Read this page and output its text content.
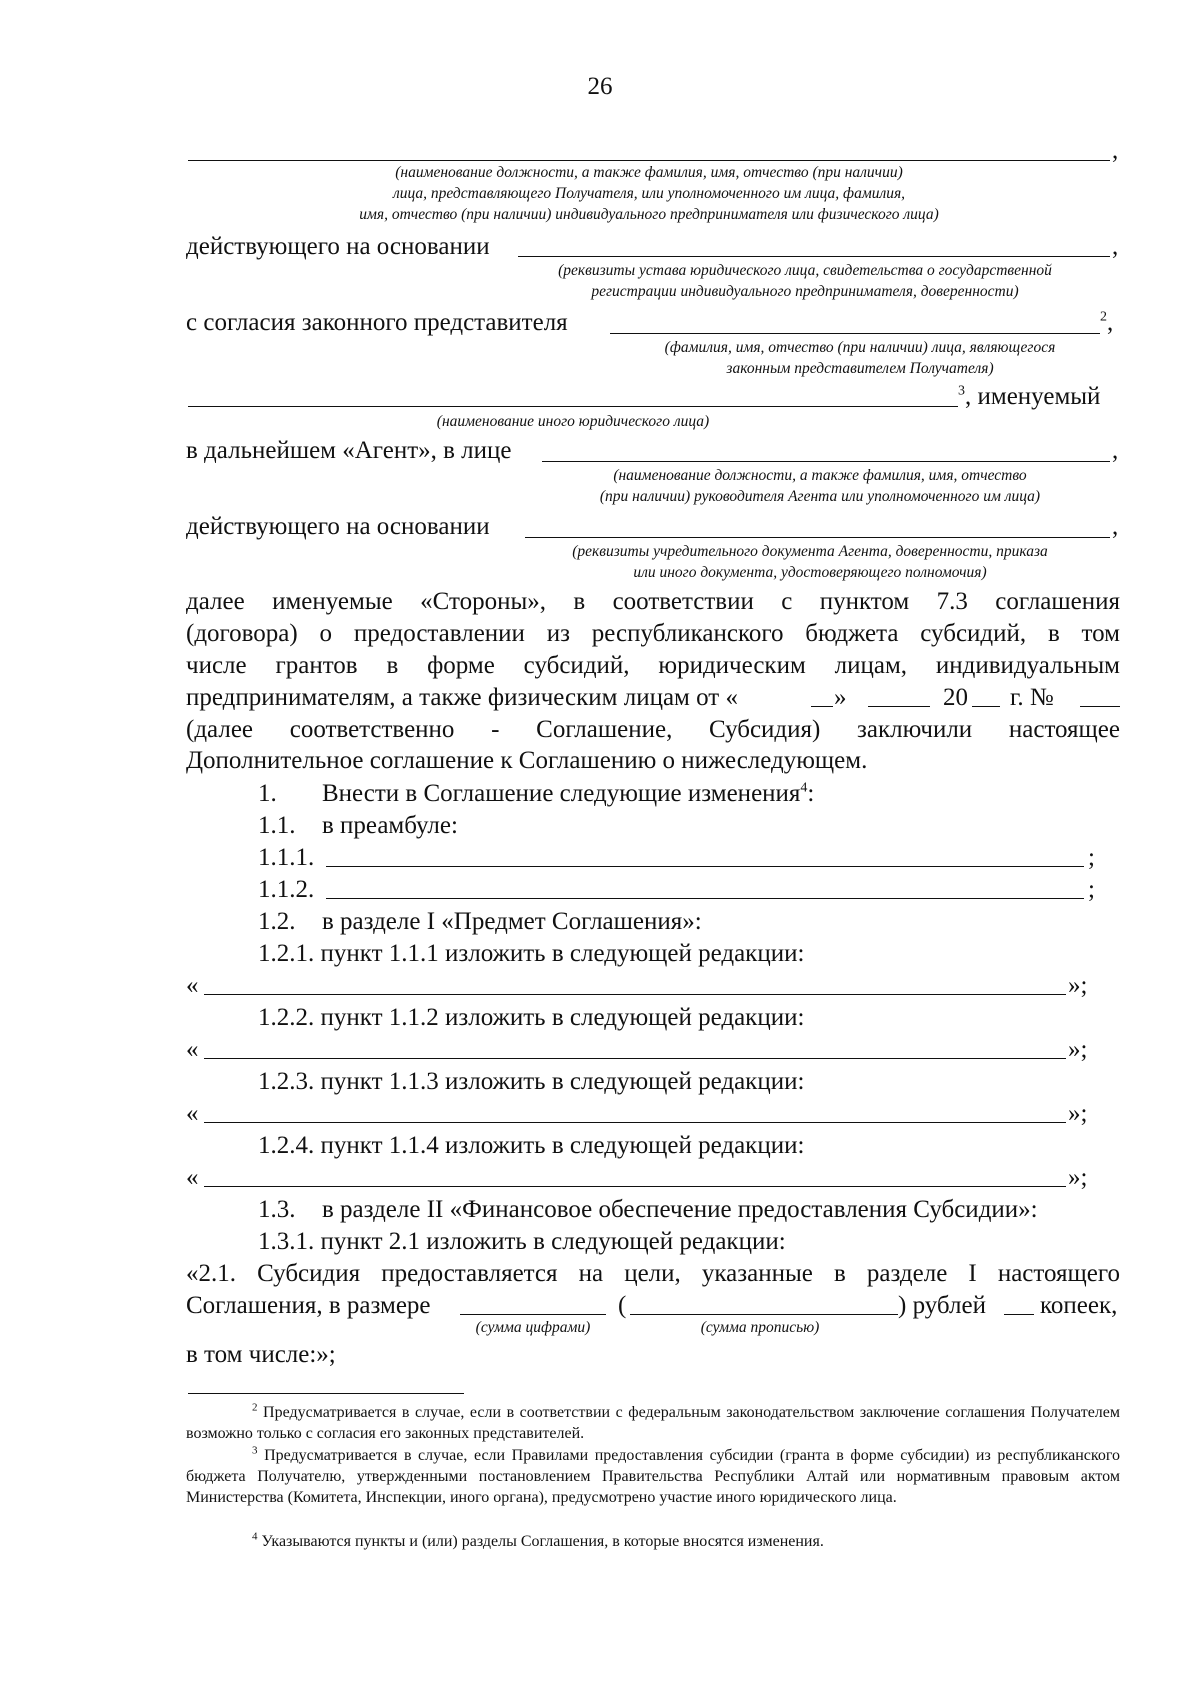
26
,
(наименование должности, а также фамилия, имя, отчество (при наличии)
лица, представляющего Получателя, или уполномоченного им лица, фамилия,
имя, отчество (при наличии) индивидуального предпринимателя или физического лица)
действующего на основании	,
(реквизиты устава юридического лица, свидетельства о государственной
регистрации индивидуального предпринимателя, доверенности)
с согласия законного представителя	$^2$,
(фамилия, имя, отчество (при наличии) лица, являющегося
законным представителем Получателя)
$^3$, именуемый
(наименование иного юридического лица)
в дальнейшем «Агент», в лице	,
(наименование должности, а также фамилия, имя, отчество
(при наличии) руководителя Агента или уполномоченного им лица)
действующего на основании	,
(реквизиты учредительного документа Агента, доверенности, приказа
или иного документа, удостоверяющего полномочия)
далее именуемые «Стороны», в соответствии с пунктом 7.3 соглашения
(договора) о предоставлении из республиканского бюджета субсидий, в том
числе грантов в форме субсидий, юридическим лицам, индивидуальным
предпринимателям, а также физическим лицам от «	»	20 г. №
(далее соответственно - Соглашение, Субсидия) заключили настоящее
Дополнительное соглашение к Соглашению о нижеследующем.
1. Внести в Соглашение следующие изменения$^4$:
1.1. в преамбуле:
1.1.1.	;
1.1.2.	;
1.2. в разделе I «Предмет Соглашения»:
1.2.1. пункт 1.1.1 изложить в следующей редакции:
«	»;
1.2.2. пункт 1.1.2 изложить в следующей редакции:
«	»;
1.2.3. пункт 1.1.3 изложить в следующей редакции:
«	»;
1.2.4. пункт 1.1.4 изложить в следующей редакции:
«	»;
1.3. в разделе II «Финансовое обеспечение предоставления Субсидии»:
1.3.1. пункт 2.1 изложить в следующей редакции:
«2.1. Субсидия предоставляется на цели, указанные в разделе I настоящего
Соглашения, в размере	(	) рублей копеек,
(сумма цифрами)	(сумма прописью)
в том числе:»;
$^2$ Предусматривается в случае, если в соответствии с федеральным законодательством заключение соглашения Получателем возможно только с согласия его законных представителей.
$^3$ Предусматривается в случае, если Правилами предоставления субсидии (гранта в форме субсидии) из республиканского бюджета Получателю, утвержденными постановлением Правительства Республики Алтай или нормативным правовым актом Министерства (Комитета, Инспекции, иного органа), предусмотрено участие иного юридического лица.
$^4$ Указываются пункты и (или) разделы Соглашения, в которые вносятся изменения.
